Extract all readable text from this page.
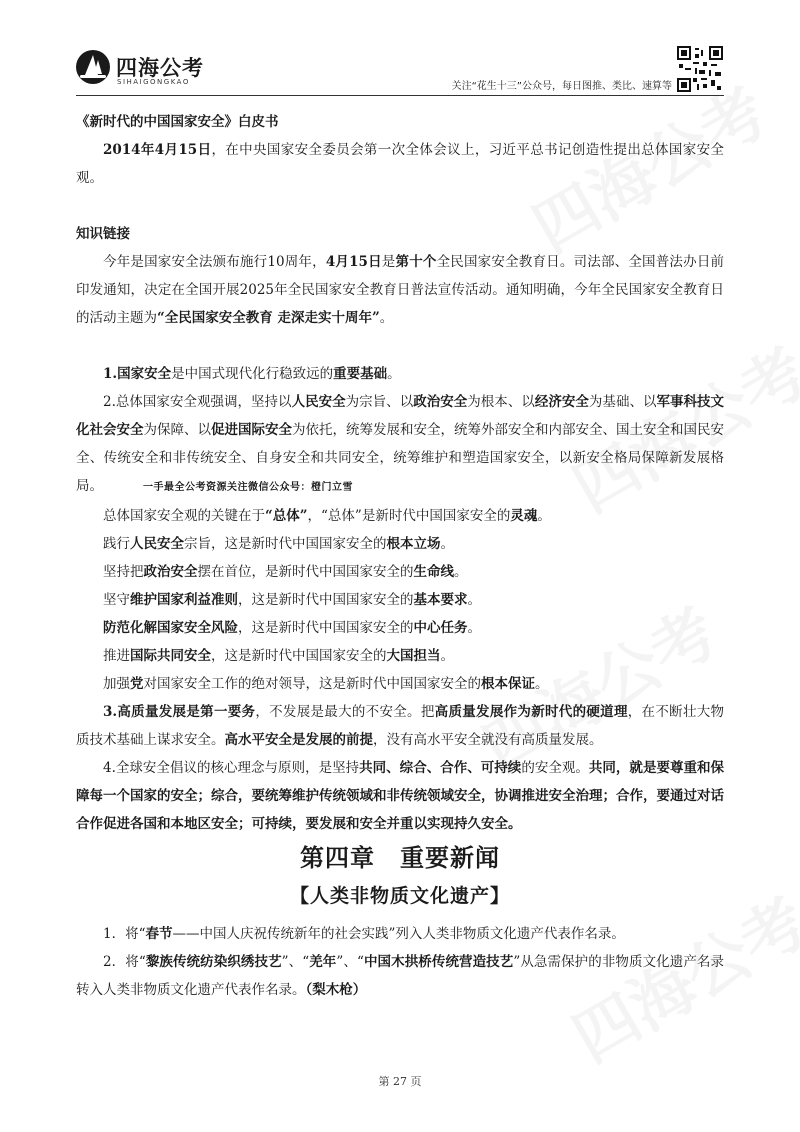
四海公考
SIHAIGONGKAO	关注“花生十三”公众号，每日图推、类比、速算等

《新时代的中国国家安全》白皮书

2014年4月15日，在中央国家安全委员会第一次全体会议上，习近平总书记创造性提出总体国家安全观。

知识链接

今年是国家安全法颁布施行10周年，4月15日是第十个全民国家安全教育日。司法部、全国普法办日前印发通知，决定在全国开展2025年全民国家安全教育日普法宣传活动。通知明确，今年全民国家安全教育日的活动主题为“全民国家安全教育 走深走实十周年”。

1.国家安全是中国式现代化行稳致远的重要基础。

2.总体国家安全观强调，坚持以人民安全为宗旨、以政治安全为根本、以经济安全为基础、以军事科技文化社会安全为保障、以促进国际安全为依托，统筹发展和安全，统筹外部安全和内部安全、国土安全和国民安全、传统安全和非传统安全、自身安全和共同安全，统筹维护和塑造国家安全，以新安全格局保障新发展格局。	一手最全公考资源关注微信公众号：橙门立雪

总体国家安全观的关键在于“总体”，“总体”是新时代中国国家安全的灵魂。

践行人民安全宗旨，这是新时代中国国家安全的根本立场。

坚持把政治安全摆在首位，是新时代中国国家安全的生命线。

坚守维护国家利益准则，这是新时代中国国家安全的基本要求。

防范化解国家安全风险，这是新时代中国国家安全的中心任务。

推进国际共同安全，这是新时代中国国家安全的大国担当。

加强党对国家安全工作的绝对领导，这是新时代中国国家安全的根本保证。

3.高质量发展是第一要务，不发展是最大的不安全。把高质量发展作为新时代的硬道理，在不断壮大物质技术基础上谋求安全。高水平安全是发展的前提，没有高水平安全就没有高质量发展。

4.全球安全倡议的核心理念与原则，是坚持共同、综合、合作、可持续的安全观。共同，就是要尊重和保障每一个国家的安全；综合，要统筹维护传统领域和非传统领域安全，协调推进安全治理；合作，要通过对话合作促进各国和本地区安全；可持续，要发展和安全并重以实现持久安全。

第四章　重要新闻
【人类非物质文化遗产】

1．将“春节——中国人庆祝传统新年的社会实践”列入人类非物质文化遗产代表作名录。

2．将“黎族传统纺染织绣技艺”、“羌年”、“中国木拱桥传统营造技艺”从急需保护的非物质文化遗产名录转入人类非物质文化遗产代表作名录。（梨木枪）

第 27 页
